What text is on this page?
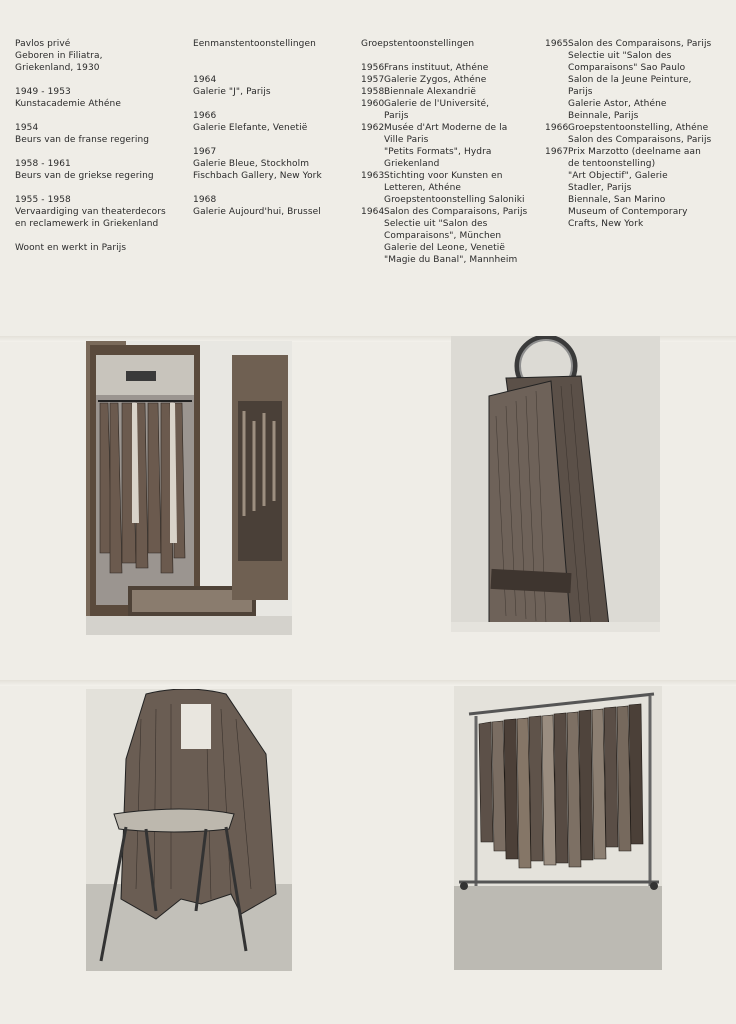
Pavlos privé
Geboren in Filiatra,
Griekenland, 1930
1949 - 1953
Kunstacademie Athéne
1954
Beurs van de franse regering
1958 - 1961
Beurs van de griekse regering
1955 - 1958
Vervaardiging van theaterdecors
en reclamewerk in Griekenland
Woont en werkt in Parijs
Eenmanstentoonstellingen
1964
Galerie "J", Parijs
1966
Galerie Elefante, Venetië
1967
Galerie Bleue, Stockholm
Fischbach Gallery, New York
1968
Galerie Aujourd'hui, Brussel
Groepstentoonstellingen
1956 Frans instituut, Athéne
1957 Galerie Zygos, Athéne
1958 Biennale Alexandrië
1960 Galerie de l'Université,
Parijs
1962 Musée d'Art Moderne de la
Ville Paris
"Petits Formats", Hydra
Griekenland
1963 Stichting voor Kunsten en
Letteren, Athéne
Groepstentoonstelling Saloniki
1964 Salon des Comparaisons, Parijs
Selectie uit "Salon des
Comparaisons", München
Galerie del Leone, Venetië
"Magie du Banal", Mannheim
1965 Salon des Comparaisons, Parijs
Selectie uit "Salon des
Comparaisons" Sao Paulo
Salon de la Jeune Peinture,
Parijs
Galerie Astor, Athéne
Beinnale, Parijs
1966 Groepstentoonstelling, Athéne
Salon des Comparaisons, Parijs
1967 Prix Marzotto (deelname aan
de tentoonstelling)
"Art Objectif", Galerie
Stadler, Parijs
Biennale, San Marino
Museum of Contemporary
Crafts, New York
